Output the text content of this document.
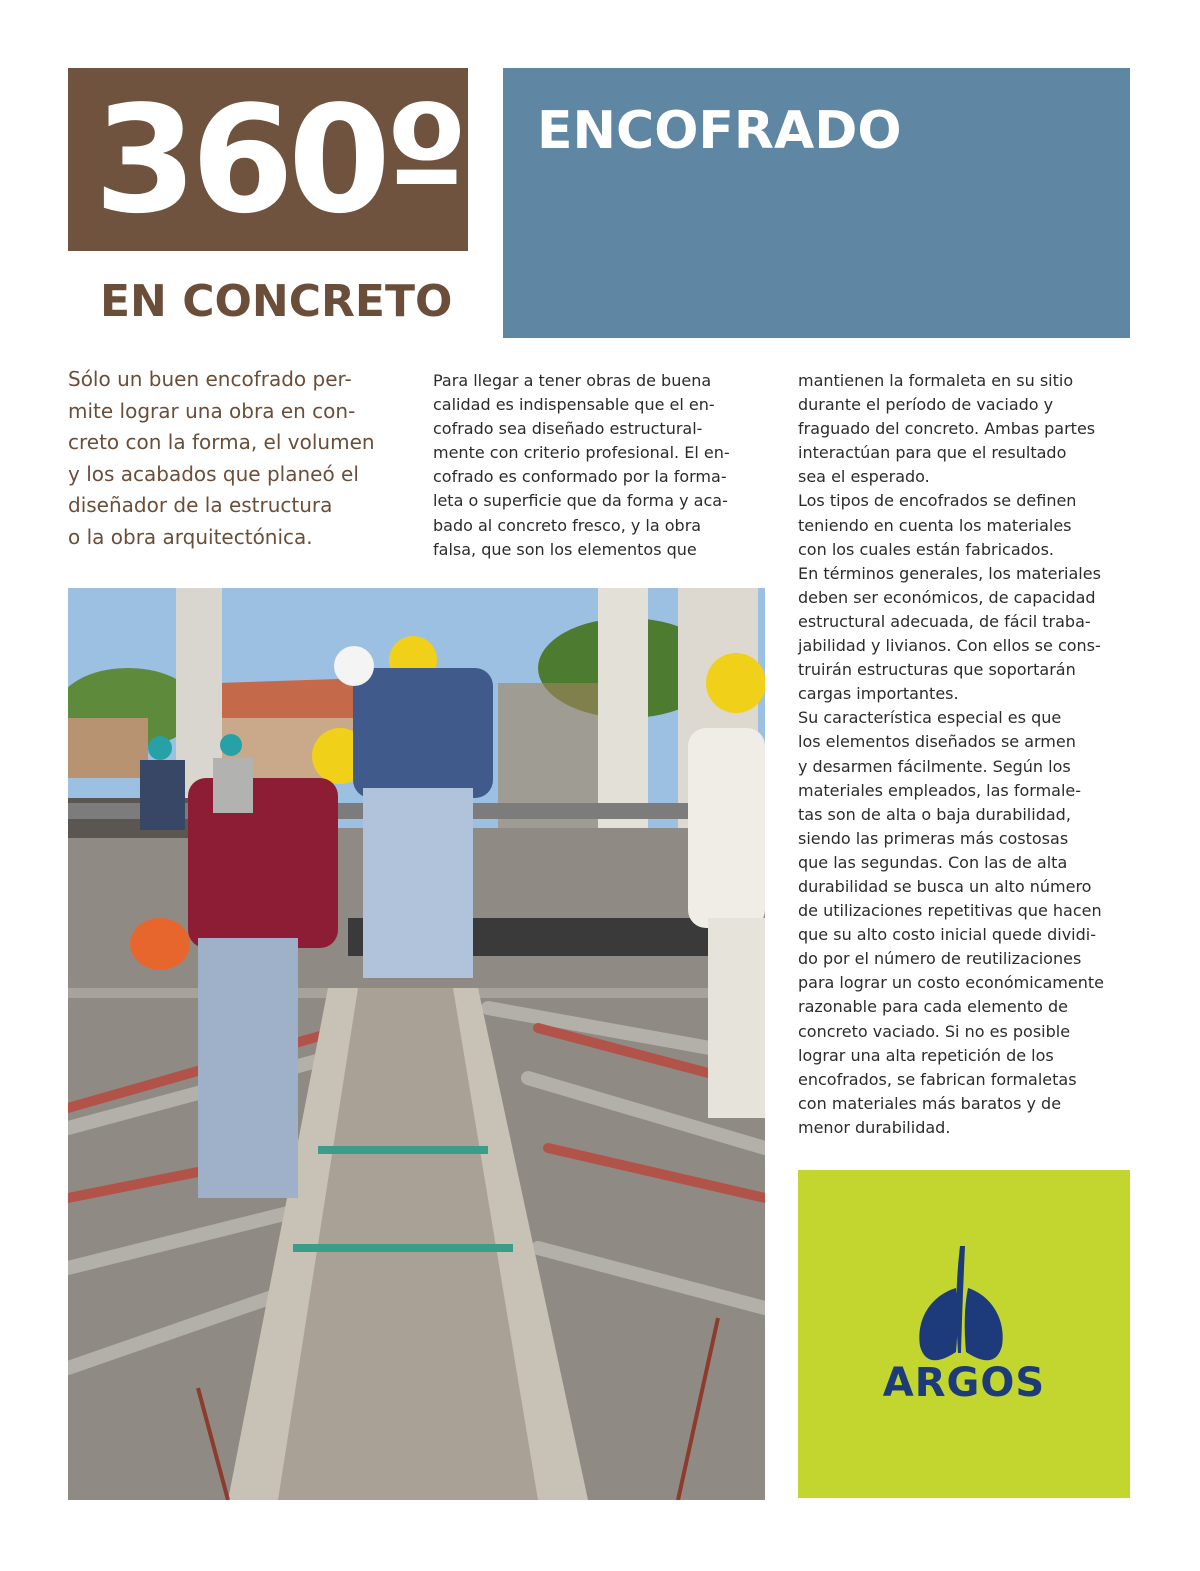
360º
EN CONCRETO
ENCOFRADO
Sólo un buen encofrado per-
mite lograr una obra en con-
creto con la forma, el volumen
y los acabados que planeó el
diseñador de la estructura
o la obra arquitectónica.
Para llegar a tener obras de buena
calidad es indispensable que el en-
cofrado sea diseñado estructural-
mente con criterio profesional. El en-
cofrado es conformado por la forma-
leta o superficie que da forma y aca-
bado al concreto fresco, y la obra
falsa, que son los elementos que
mantienen la formaleta en su sitio
durante el período de vaciado y
fraguado del concreto. Ambas partes
interactúan para que el resultado
sea el esperado.
Los tipos de encofrados se definen
teniendo en cuenta los materiales
con los cuales están fabricados.
En términos generales, los materiales
deben ser económicos, de capacidad
estructural adecuada, de fácil traba-
jabilidad y livianos. Con ellos se cons-
truirán estructuras que soportarán
cargas importantes.
Su característica especial es que
los elementos diseñados se armen
y desarmen fácilmente. Según los
materiales empleados, las formale-
tas son de alta o baja durabilidad,
siendo las primeras más costosas
que las segundas. Con las de alta
durabilidad se busca un alto número
de utilizaciones repetitivas que hacen
que su alto costo inicial quede dividi-
do por el número de reutilizaciones
para lograr un costo económicamente
razonable para cada elemento de
concreto vaciado. Si no es posible
lograr una alta repetición de los
encofrados, se fabrican formaletas
con materiales más baratos y de
menor durabilidad.
ARGOS
